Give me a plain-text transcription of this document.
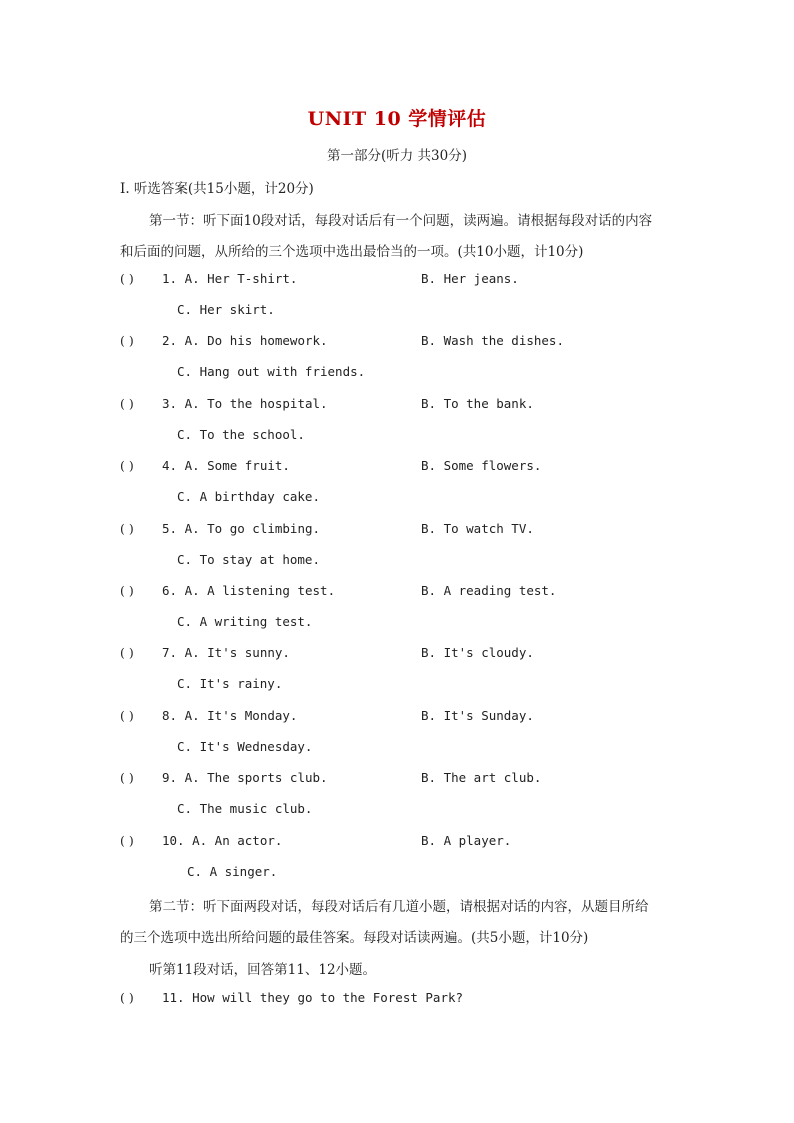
UNIT 10 学情评估
第一部分(听力 共30分)
Ⅰ. 听选答案(共15小题，计20分)
第一节：听下面10段对话，每段对话后有一个问题，读两遍。请根据每段对话的内容
和后面的问题，从所给的三个选项中选出最恰当的一项。(共10小题，计10分)
( ) 1. A. Her T-shirt.	B. Her jeans.
C. Her skirt.
( ) 2. A. Do his homework.	B. Wash the dishes.
C. Hang out with friends.
( ) 3. A. To the hospital.	B. To the bank.
C. To the school.
( ) 4. A. Some fruit.	B. Some flowers.
C. A birthday cake.
( ) 5. A. To go climbing.	B. To watch TV.
C. To stay at home.
( ) 6. A. A listening test.	B. A reading test.
C. A writing test.
( ) 7. A. It's sunny.	B. It's cloudy.
C. It's rainy.
( ) 8. A. It's Monday.	B. It's Sunday.
C. It's Wednesday.
( ) 9. A. The sports club.	B. The art club.
C. The music club.
( ) 10. A. An actor.	B. A player.
C. A singer.
第二节：听下面两段对话，每段对话后有几道小题，请根据对话的内容，从题目所给
的三个选项中选出所给问题的最佳答案。每段对话读两遍。(共5小题，计10分)
听第11段对话，回答第11、12小题。
( ) 11. How will they go to the Forest Park?
